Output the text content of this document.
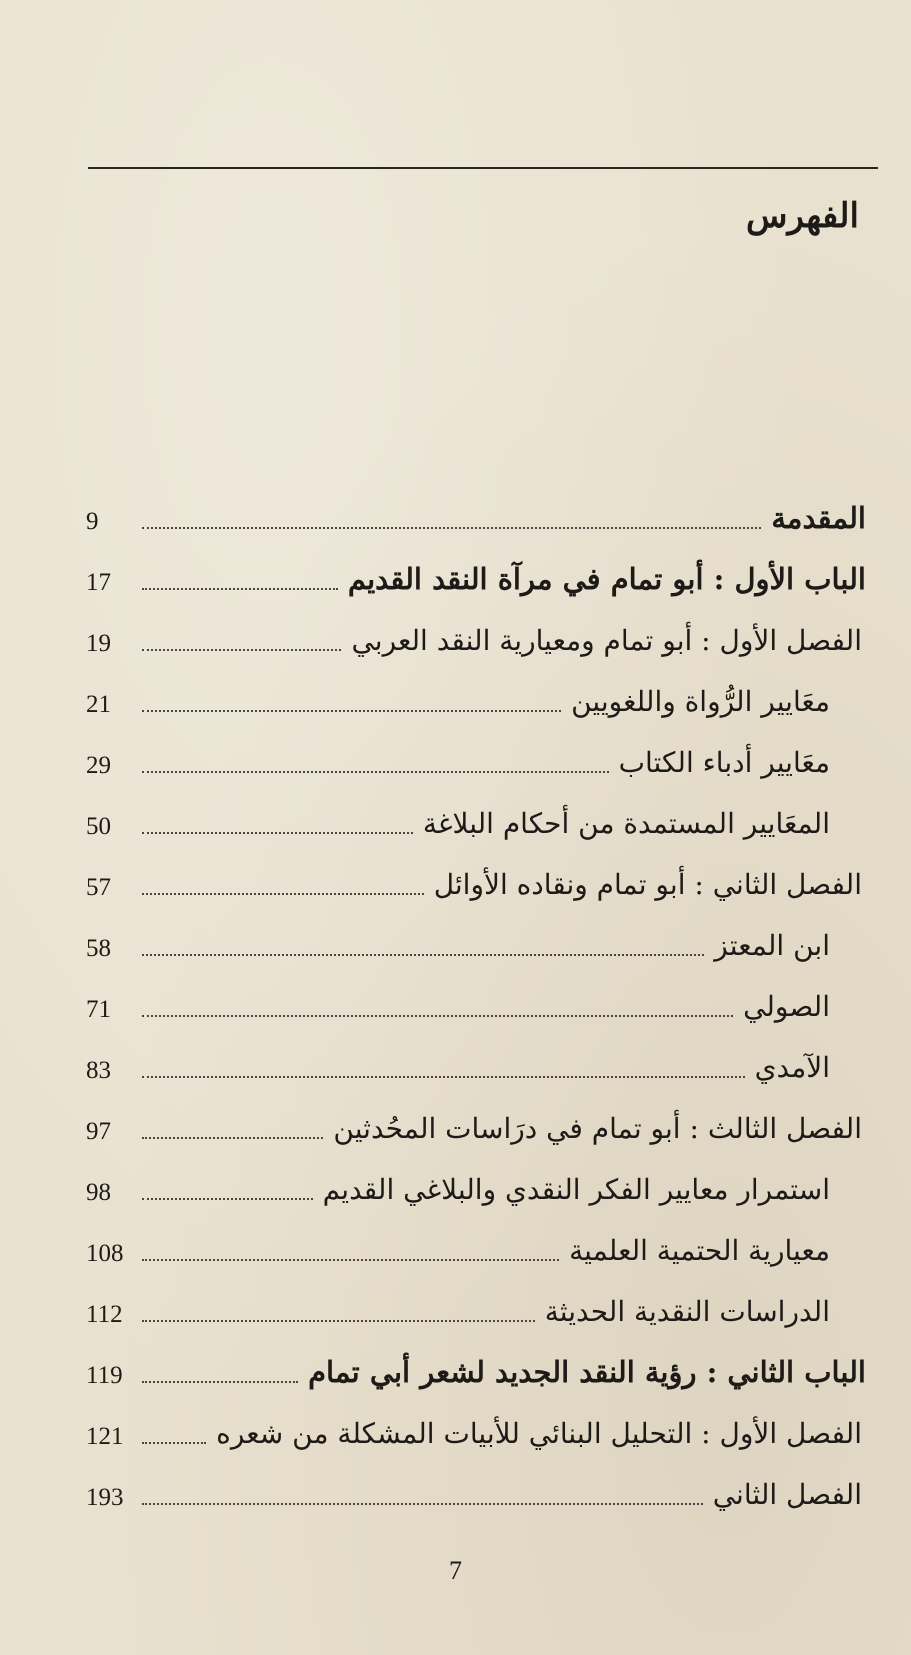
الفهرس
المقدمة
9
الباب الأول : أبو تمام في مرآة النقد القديم
17
الفصل الأول : أبو تمام ومعيارية النقد العربي
19
معَايير الرُّواة واللغويين
21
معَايير أدباء الكتاب
29
المعَايير المستمدة من أحكام البلاغة
50
الفصل الثاني : أبو تمام ونقاده الأوائل
57
ابن المعتز
58
الصولي
71
الآمدي
83
الفصل الثالث : أبو تمام في درَاسات المحُدثين
97
استمرار معايير الفكر النقدي والبلاغي القديم
98
معيارية الحتمية العلمية
108
الدراسات النقدية الحديثة
112
الباب الثاني : رؤية النقد الجديد لشعر أبي تمام
119
الفصل الأول : التحليل البنائي للأبيات المشكلة من شعره
121
الفصل الثاني
193
7
